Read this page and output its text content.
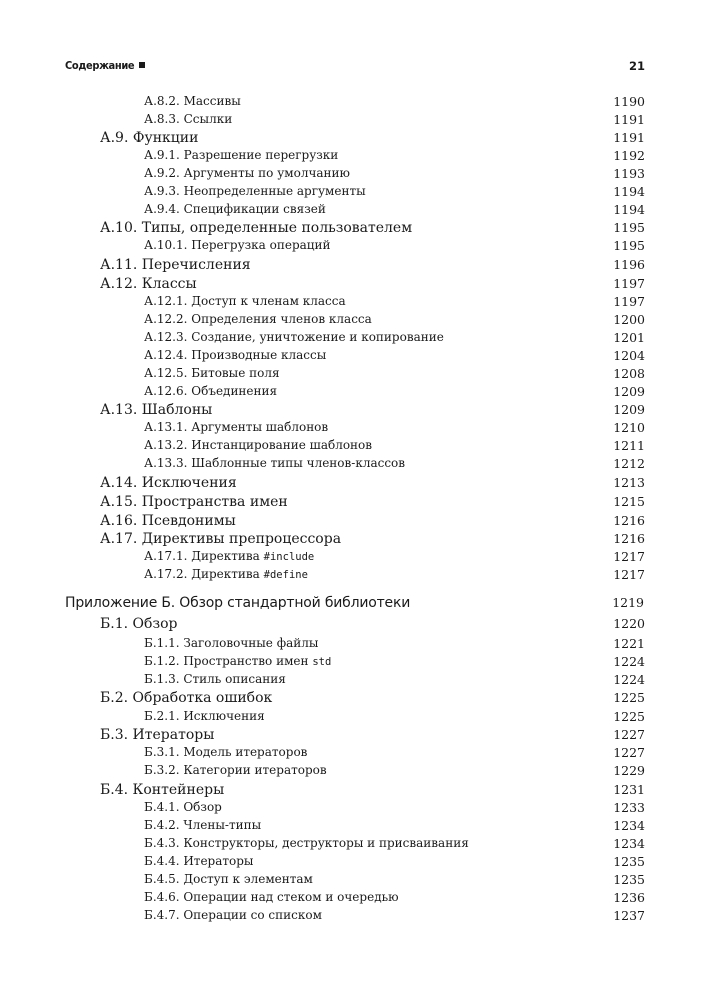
Содержание	21
А.8.2. Массивы	1190
А.8.3. Ссылки	1191
А.9. Функции	1191
А.9.1. Разрешение перегрузки	1192
А.9.2. Аргументы по умолчанию	1193
А.9.3. Неопределенные аргументы	1194
А.9.4. Спецификации связей	1194
А.10. Типы, определенные пользователем	1195
А.10.1. Перегрузка операций	1195
А.11. Перечисления	1196
А.12. Классы	1197
А.12.1. Доступ к членам класса	1197
А.12.2. Определения членов класса	1200
А.12.3. Создание, уничтожение и копирование	1201
А.12.4. Производные классы	1204
А.12.5. Битовые поля	1208
А.12.6. Объединения	1209
А.13. Шаблоны	1209
А.13.1. Аргументы шаблонов	1210
А.13.2. Инстанцирование шаблонов	1211
А.13.3. Шаблонные типы членов-классов	1212
А.14. Исключения	1213
А.15. Пространства имен	1215
А.16. Псевдонимы	1216
А.17. Директивы препроцессора	1216
А.17.1. Директива #include	1217
А.17.2. Директива #define	1217
Приложение Б. Обзор стандартной библиотеки	1219
Б.1. Обзор	1220
Б.1.1. Заголовочные файлы	1221
Б.1.2. Пространство имен std	1224
Б.1.3. Стиль описания	1224
Б.2. Обработка ошибок	1225
Б.2.1. Исключения	1225
Б.3. Итераторы	1227
Б.3.1. Модель итераторов	1227
Б.3.2. Категории итераторов	1229
Б.4. Контейнеры	1231
Б.4.1. Обзор	1233
Б.4.2. Члены-типы	1234
Б.4.3. Конструкторы, деструкторы и присваивания	1234
Б.4.4. Итераторы	1235
Б.4.5. Доступ к элементам	1235
Б.4.6. Операции над стеком и очередью	1236
Б.4.7. Операции со списком	1237
